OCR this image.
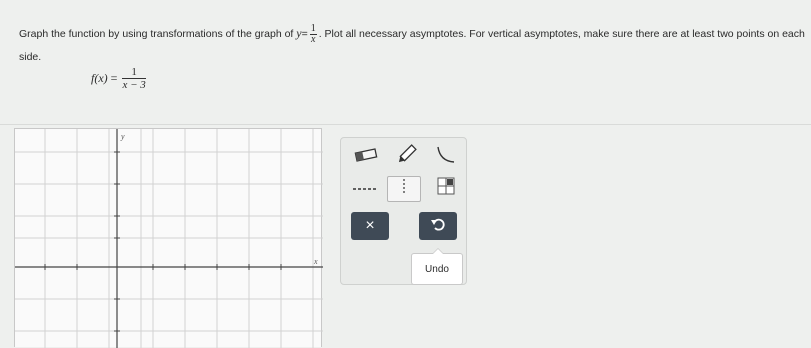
Graph the function by using transformations of the graph of $y= \frac{1}{x}$ . Plot all necessary asymptotes. For vertical asymptotes, make sure there are at least two points on each side.
f ( x ) = $\frac{1}{x - 3}$
y
x
×
Undo
